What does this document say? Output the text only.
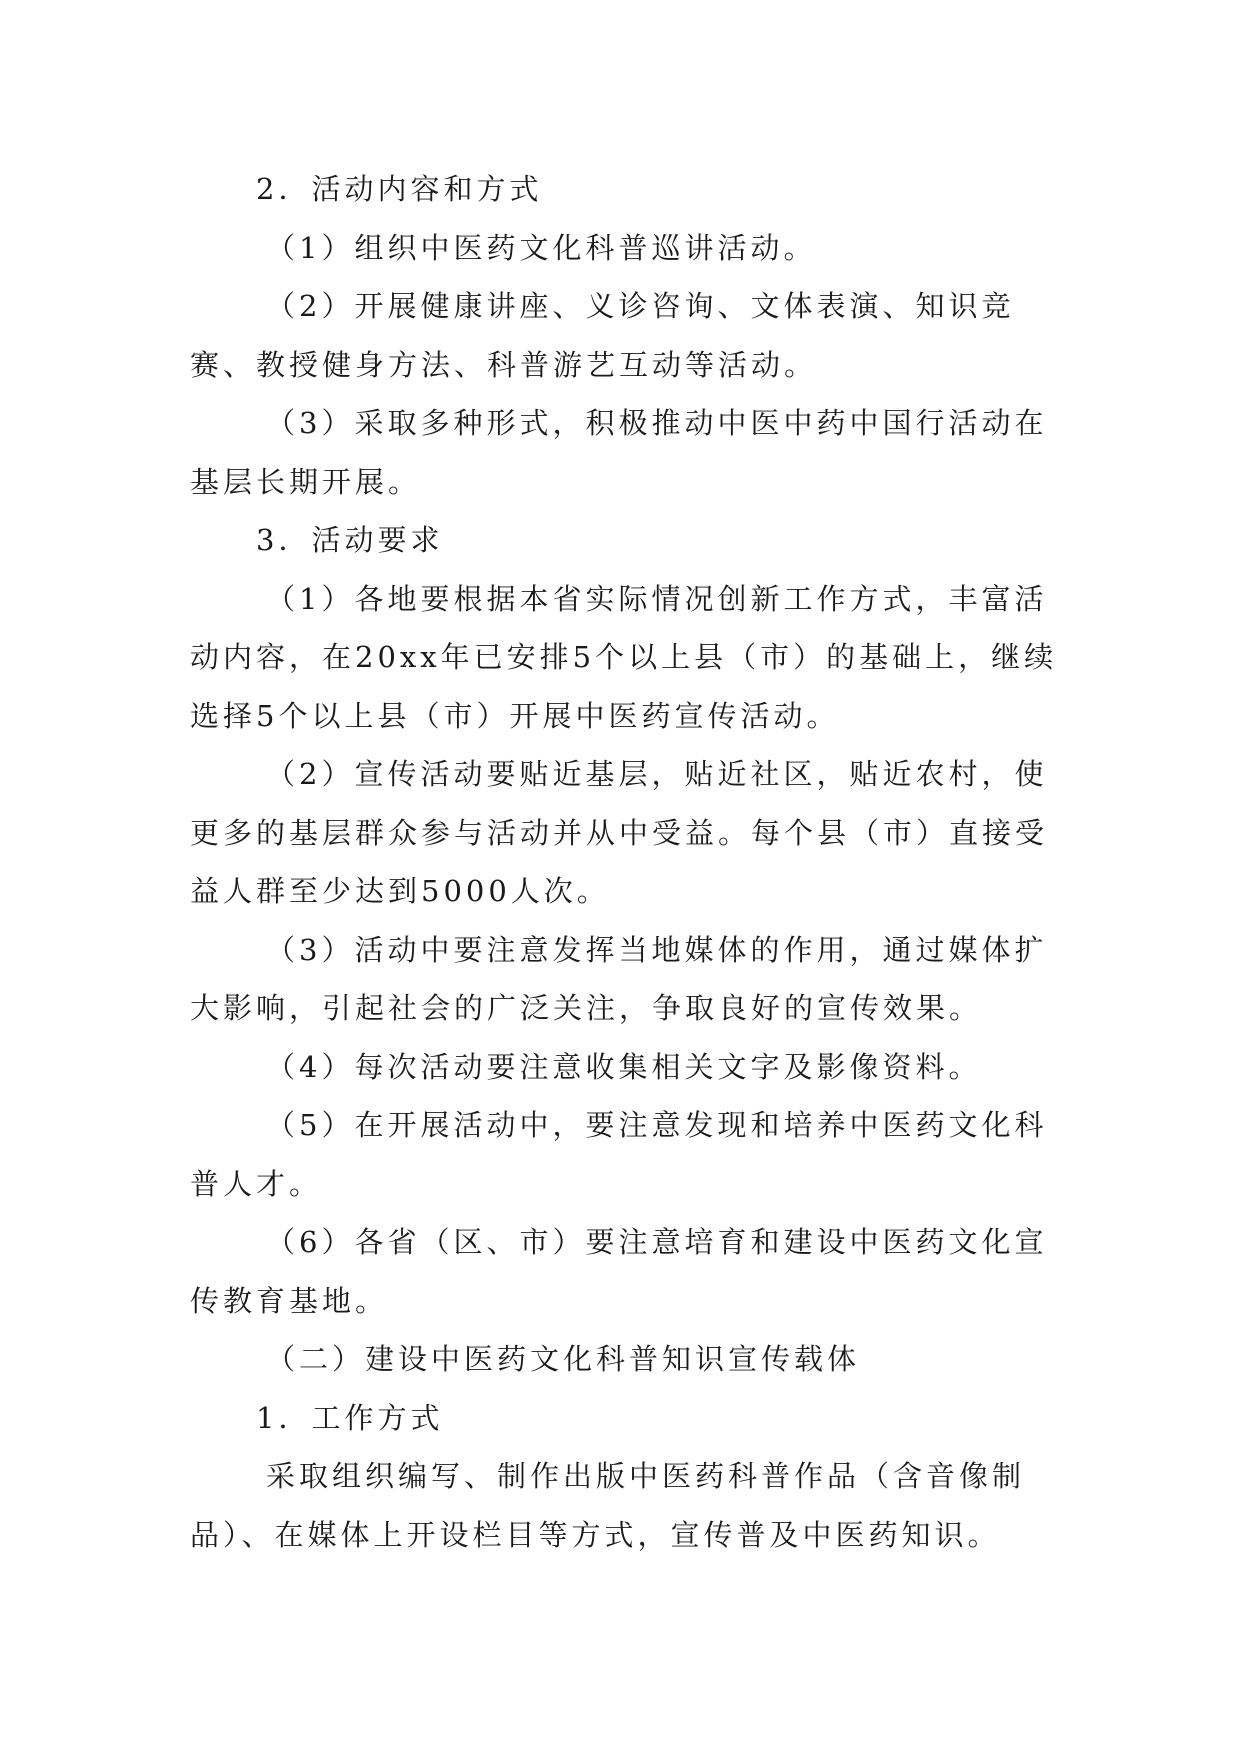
2．活动内容和方式

（1）组织中医药文化科普巡讲活动。

（2）开展健康讲座、义诊咨询、文体表演、知识竞赛、教授健身方法、科普游艺互动等活动。

（3）采取多种形式，积极推动中医中药中国行活动在基层长期开展。

3．活动要求

（1）各地要根据本省实际情况创新工作方式，丰富活动内容，在20xx年已安排5个以上县（市）的基础上，继续选择5个以上县（市）开展中医药宣传活动。

（2）宣传活动要贴近基层，贴近社区，贴近农村，使更多的基层群众参与活动并从中受益。每个县（市）直接受益人群至少达到5000人次。

（3）活动中要注意发挥当地媒体的作用，通过媒体扩大影响，引起社会的广泛关注，争取良好的宣传效果。

（4）每次活动要注意收集相关文字及影像资料。

（5）在开展活动中，要注意发现和培养中医药文化科普人才。

（6）各省（区、市）要注意培育和建设中医药文化宣传教育基地。

（二）建设中医药文化科普知识宣传载体

1．工作方式

采取组织编写、制作出版中医药科普作品（含音像制品）、在媒体上开设栏目等方式，宣传普及中医药知识。
